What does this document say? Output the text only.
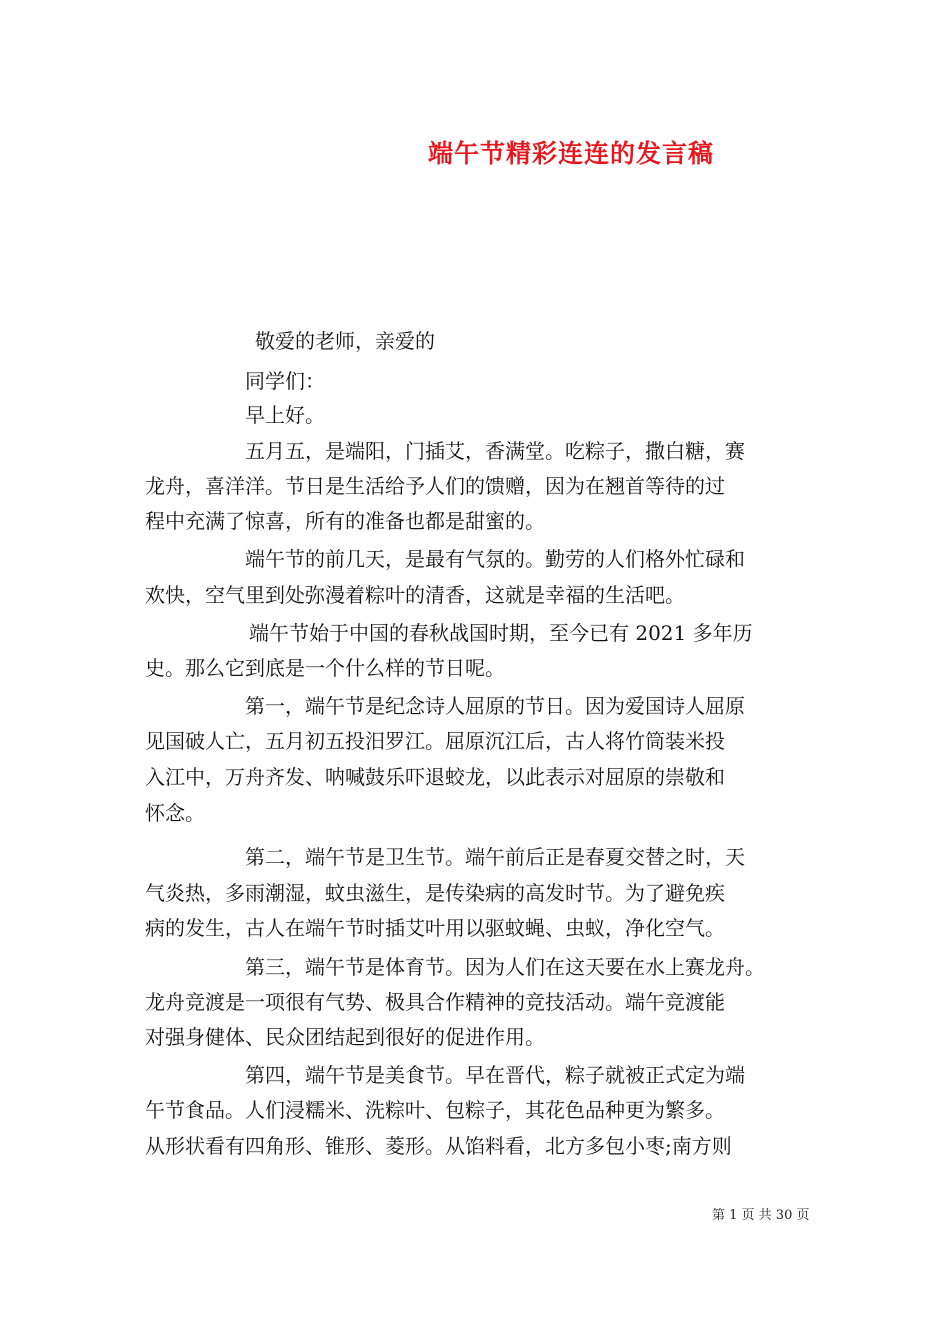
端午节精彩连连的发言稿
敬爱的老师，亲爱的
同学们：
早上好。
五月五，是端阳，门插艾，香满堂。吃粽子，撒白糖，赛
龙舟，喜洋洋。节日是生活给予人们的馈赠，因为在翘首等待的过
程中充满了惊喜，所有的准备也都是甜蜜的。
端午节的前几天，是最有气氛的。勤劳的人们格外忙碌和
欢快，空气里到处弥漫着粽叶的清香，这就是幸福的生活吧。
端午节始于中国的春秋战国时期，至今已有 2021 多年历
史。那么它到底是一个什么样的节日呢。
第一，端午节是纪念诗人屈原的节日。因为爱国诗人屈原
见国破人亡，五月初五投汨罗江。屈原沉江后，古人将竹筒装米投
入江中，万舟齐发、呐喊鼓乐吓退蛟龙，以此表示对屈原的崇敬和
怀念。
第二，端午节是卫生节。端午前后正是春夏交替之时，天
气炎热，多雨潮湿，蚊虫滋生，是传染病的高发时节。为了避免疾
病的发生，古人在端午节时插艾叶用以驱蚊蝇、虫蚁，净化空气。
第三，端午节是体育节。因为人们在这天要在水上赛龙舟。
龙舟竞渡是一项很有气势、极具合作精神的竞技活动。端午竞渡能
对强身健体、民众团结起到很好的促进作用。
第四，端午节是美食节。早在晋代，粽子就被正式定为端
午节食品。人们浸糯米、洗粽叶、包粽子，其花色品种更为繁多。
从形状看有四角形、锥形、菱形。从馅料看，北方多包小枣;南方则
第 1 页 共 30 页
